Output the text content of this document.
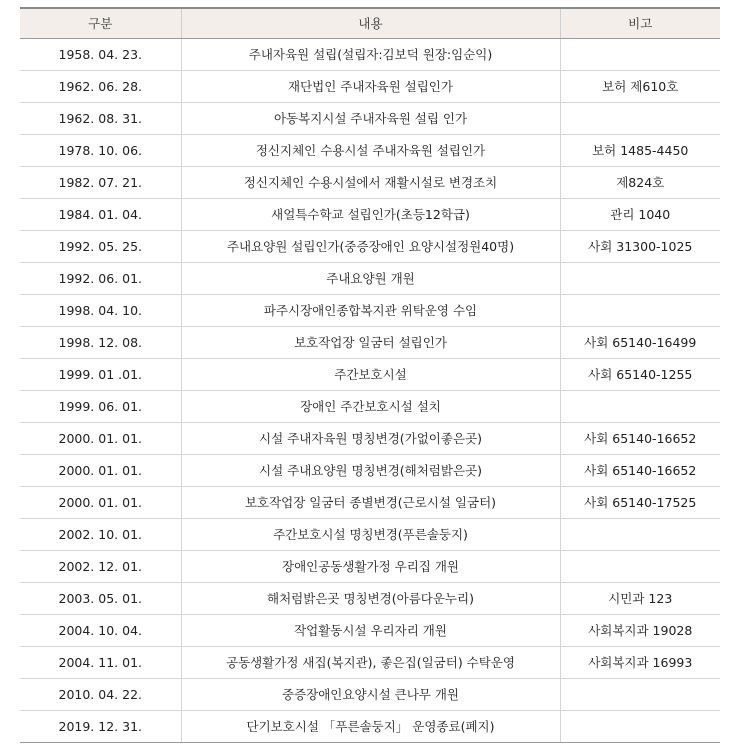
구분	내용	비고
1958. 04. 23.	주내자육원 설립(설립자:김보덕 원장:임순익)	
1962. 06. 28.	재단법인 주내자육원 설립인가	보허 제610호
1962. 08. 31.	아동복지시설 주내자육원 설립 인가	
1978. 10. 06.	정신지체인 수용시설 주내자육원 설립인가	보허 1485-4450
1982. 07. 21.	정신지체인 수용시설에서 재활시설로 변경조치	제824호
1984. 01. 04.	새얼특수학교 설립인가(초등12학급)	관리 1040
1992. 05. 25.	주내요양원 설립인가(중증장애인 요양시설정원40명)	사회 31300-1025
1992. 06. 01.	주내요양원 개원	
1998. 04. 10.	파주시장애인종합복지관 위탁운영 수임	
1998. 12. 08.	보호작업장 일굼터 설립인가	사회 65140-16499
1999. 01 .01.	주간보호시설	사회 65140-1255
1999. 06. 01.	장애인 주간보호시설 설치	
2000. 01. 01.	시설 주내자육원 명칭변경(가없이좋은곳)	사회 65140-16652
2000. 01. 01.	시설 주내요양원 명칭변경(해처럼밝은곳)	사회 65140-16652
2000. 01. 01.	보호작업장 일굼터 종별변경(근로시설 일굼터)	사회 65140-17525
2002. 10. 01.	주간보호시설 명칭변경(푸른솔둥지)	
2002. 12. 01.	장애인공동생활가정 우리집 개원	
2003. 05. 01.	해처럼밝은곳 명칭변경(아름다운누리)	시민과 123
2004. 10. 04.	작업활동시설 우리자리 개원	사회복지과 19028
2004. 11. 01.	공동생활가정 새집(복지관), 좋은집(일굼터) 수탁운영	사회복지과 16993
2010. 04. 22.	중증장애인요양시설 큰나무 개원	
2019. 12. 31.	단기보호시설 「푸른솔둥지」 운영종료(폐지)	
